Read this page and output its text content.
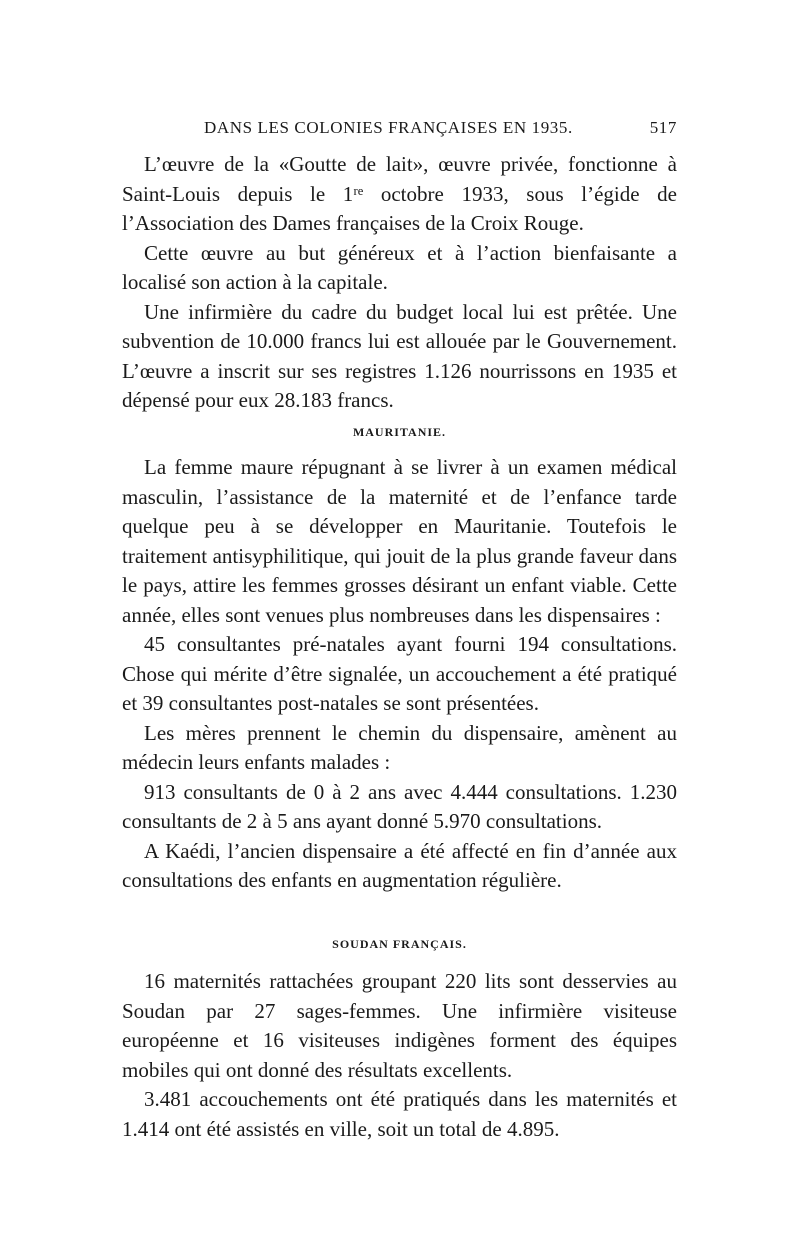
DANS LES COLONIES FRANÇAISES EN 1935.	517

L’œuvre de la «Goutte de lait», œuvre privée, fonctionne à Saint-Louis depuis le 1ʳᵉ octobre 1933, sous l’égide de l’Association des Dames françaises de la Croix Rouge.

Cette œuvre au but généreux et à l’action bienfaisante a localisé son action à la capitale.

Une infirmière du cadre du budget local lui est prêtée. Une subvention de 10.000 francs lui est allouée par le Gouvernement. L’œuvre a inscrit sur ses registres 1.126 nourrissons en 1935 et dépensé pour eux 28.183 francs.

MAURITANIE.

La femme maure répugnant à se livrer à un examen médical masculin, l’assistance de la maternité et de l’enfance tarde quelque peu à se développer en Mauritanie. Toutefois le traitement antisyphilitique, qui jouit de la plus grande faveur dans le pays, attire les femmes grosses désirant un enfant viable. Cette année, elles sont venues plus nombreuses dans les dispensaires :

45 consultantes pré-natales ayant fourni 194 consultations. Chose qui mérite d’être signalée, un accouchement a été pratiqué et 39 consultantes post-natales se sont présentées.

Les mères prennent le chemin du dispensaire, amènent au médecin leurs enfants malades :

913 consultants de 0 à 2 ans avec 4.444 consultations. 1.230 consultants de 2 à 5 ans ayant donné 5.970 consultations.

A Kaédi, l’ancien dispensaire a été affecté en fin d’année aux consultations des enfants en augmentation régulière.

SOUDAN FRANÇAIS.

16 maternités rattachées groupant 220 lits sont desservies au Soudan par 27 sages-femmes. Une infirmière visiteuse européenne et 16 visiteuses indigènes forment des équipes mobiles qui ont donné des résultats excellents.

3.481 accouchements ont été pratiqués dans les maternités et 1.414 ont été assistés en ville, soit un total de 4.895.
